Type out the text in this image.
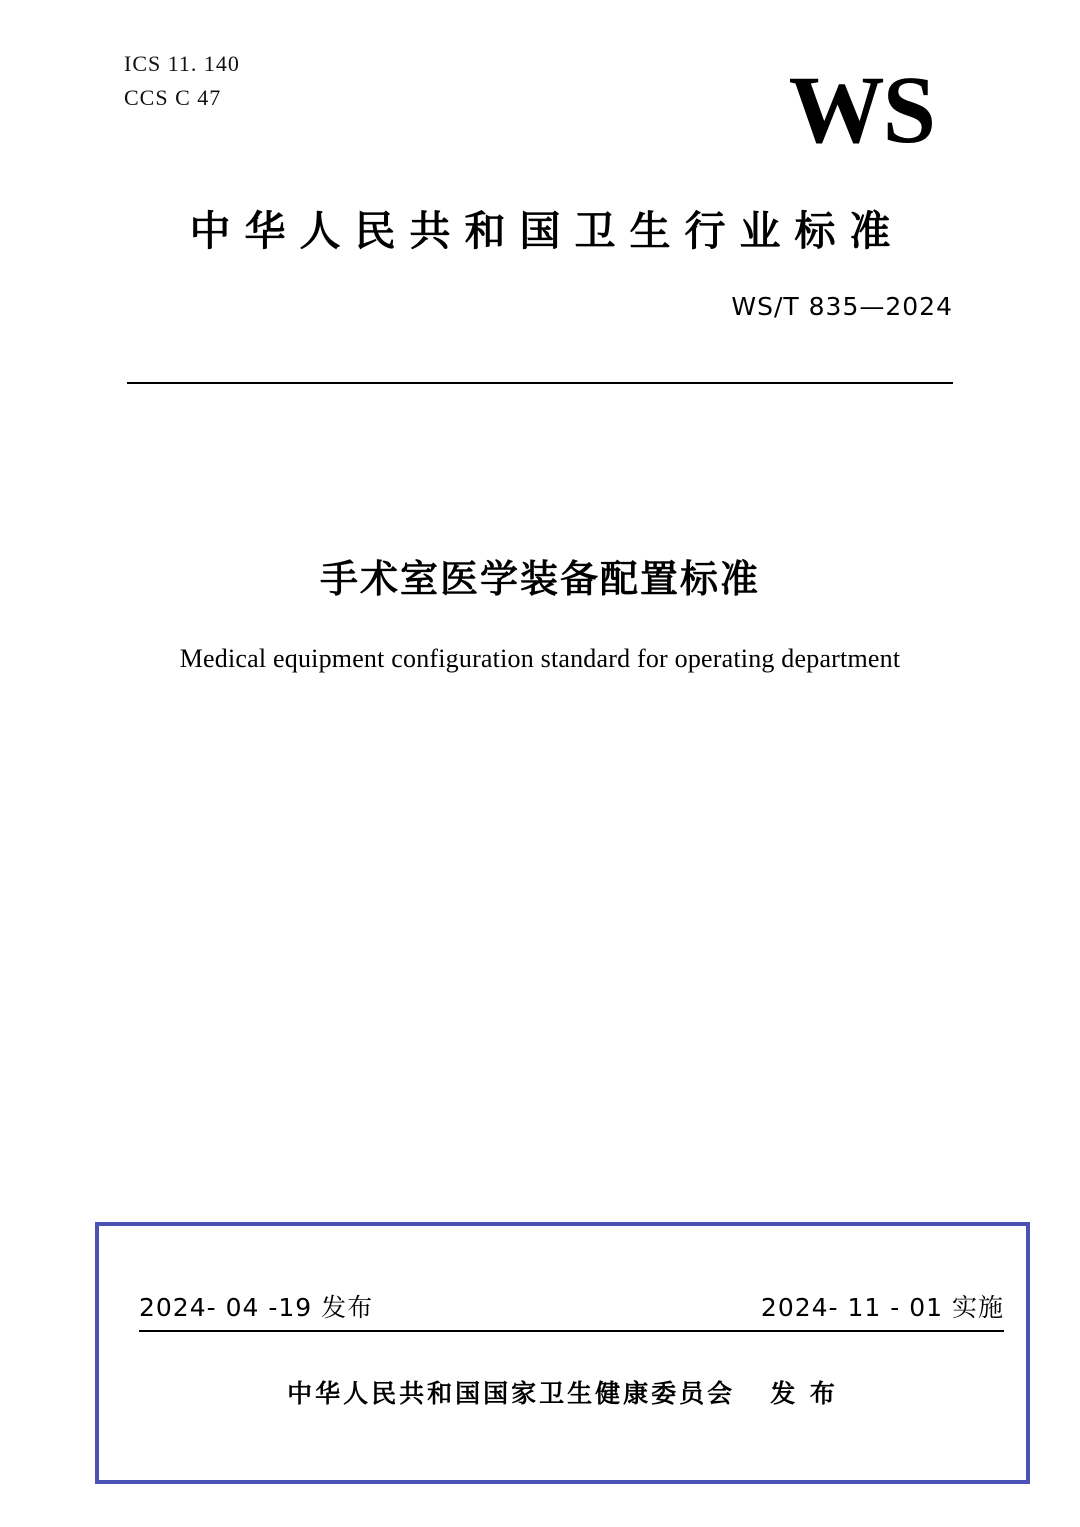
ICS 11. 140
CCS C 47	WS
中华人民共和国卫生行业标准
WS/T 835—2024
手术室医学装备配置标准
Medical equipment configuration standard for operating department
2024- 04 -19 发布	2024- 11 - 01 实施
中华人民共和国国家卫生健康委员会   发 布
